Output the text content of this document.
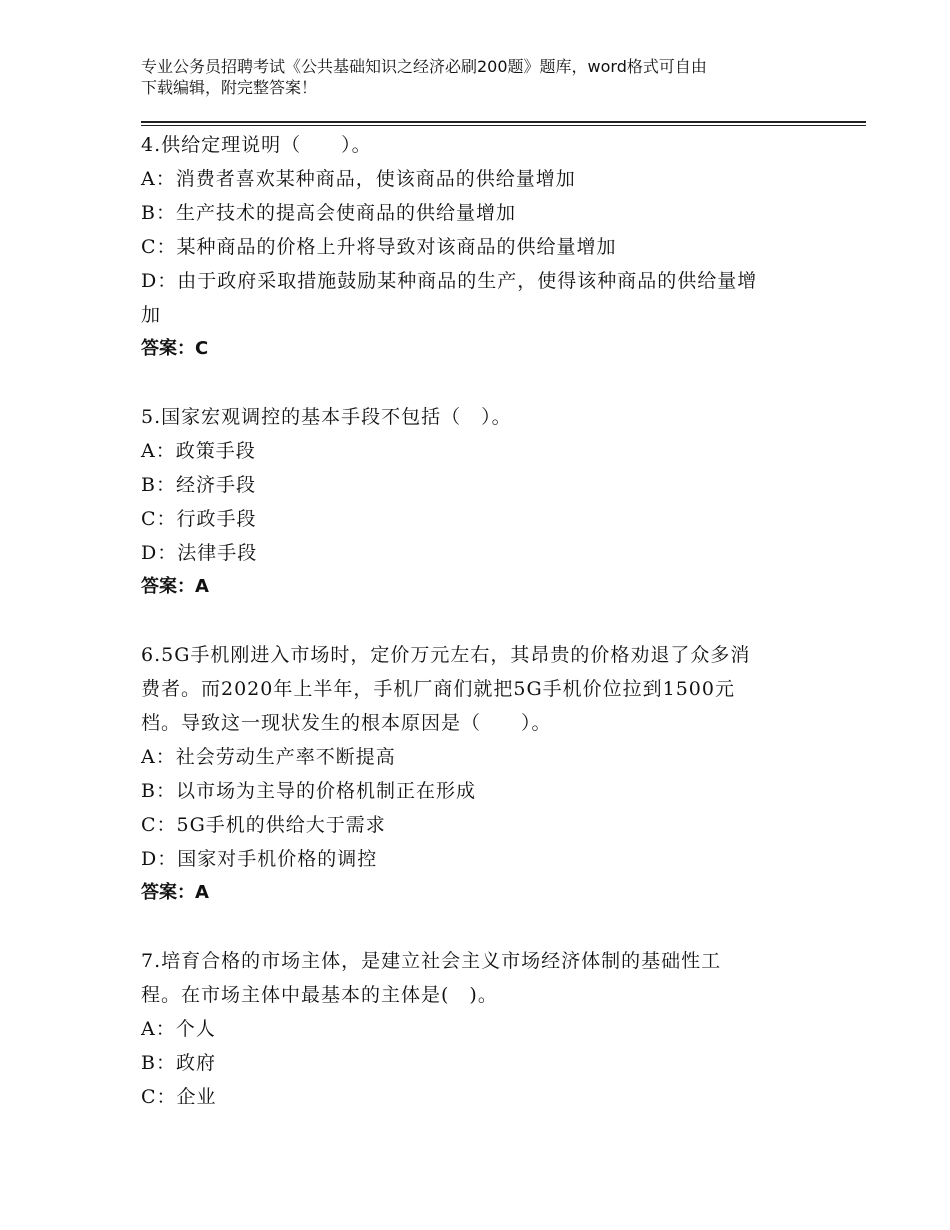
专业公务员招聘考试《公共基础知识之经济必刷200题》题库，word格式可自由
下载编辑，附完整答案！
4.供给定理说明（　　）。
A：消费者喜欢某种商品，使该商品的供给量增加
B：生产技术的提高会使商品的供给量增加
C：某种商品的价格上升将导致对该商品的供给量增加
D：由于政府采取措施鼓励某种商品的生产，使得该种商品的供给量增
加
答案：C
5.国家宏观调控的基本手段不包括（　）。
A：政策手段
B：经济手段
C：行政手段
D：法律手段
答案：A
6.5G手机刚进入市场时，定价万元左右，其昂贵的价格劝退了众多消
费者。而2020年上半年，手机厂商们就把5G手机价位拉到1500元
档。导致这一现状发生的根本原因是（　　）。
A：社会劳动生产率不断提高
B：以市场为主导的价格机制正在形成
C：5G手机的供给大于需求
D：国家对手机价格的调控
答案：A
7.培育合格的市场主体，是建立社会主义市场经济体制的基础性工
程。在市场主体中最基本的主体是(　)。
A：个人
B：政府
C：企业
